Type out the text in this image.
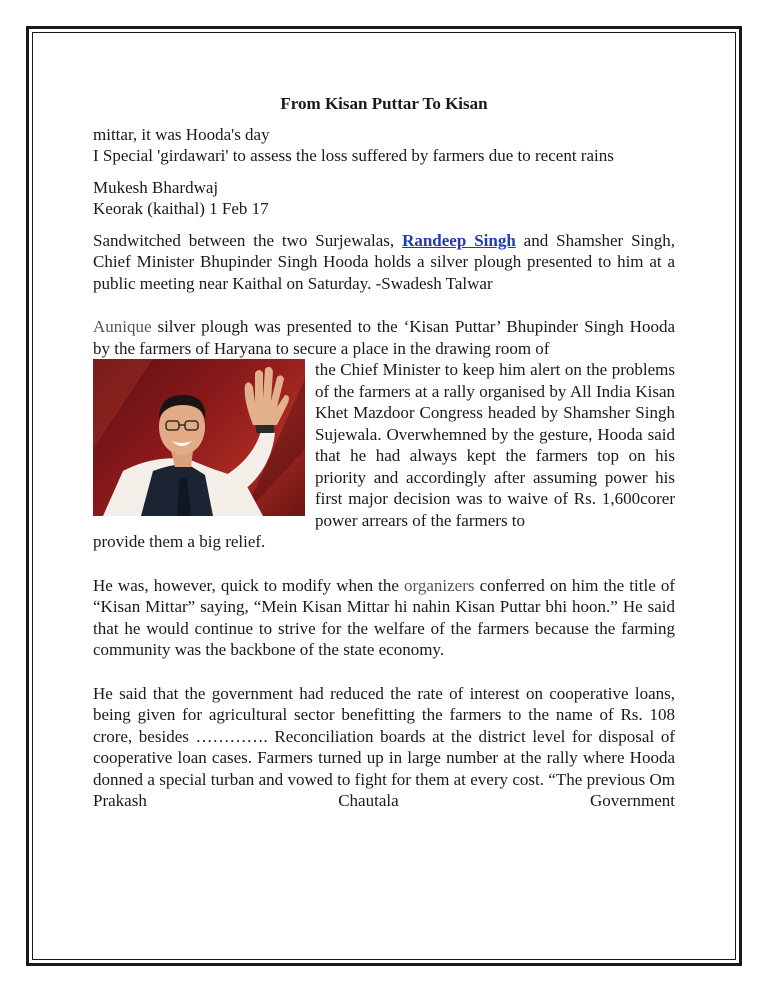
From Kisan Puttar To Kisan
mittar, it was Hooda's day
I Special 'girdawari' to assess the loss suffered by farmers due to recent rains
Mukesh Bhardwaj
Keorak (kaithal) 1 Feb 17
Sandwitched between the two Surjewalas, Randeep Singh and Shamsher Singh, Chief Minister Bhupinder Singh Hooda holds a silver plough presented to him at a public meeting near Kaithal on Saturday. -Swadesh Talwar
Aunique silver plough was presented to the ‘Kisan Puttar’ Bhupinder Singh Hooda by the farmers of Haryana to secure a place in the drawing room of
the Chief Minister to keep him alert on the problems of the farmers at a rally organised by All India Kisan Khet Mazdoor Congress headed by Shamsher Singh Sujewala. Overwhemned by the gesture, Hooda said that he had always kept the farmers top on his priority and accordingly after assuming power his first major decision was to waive of Rs. 1,600corer power arrears of the farmers to
provide them a big relief.
He was, however, quick to modify when the organizers conferred on him the title of “Kisan Mittar” saying, “Mein Kisan Mittar hi nahin Kisan Puttar bhi hoon.” He said that he would continue to strive for the welfare of the farmers because the farming community was the backbone of the state economy.
He said that the government had reduced the rate of interest on cooperative loans, being given for agricultural sector benefitting the farmers to the name of Rs. 108 crore, besides …………. Reconciliation boards at the district level for disposal of cooperative loan cases. Farmers turned up in large number at the rally where Hooda donned a special turban and vowed to fight for them at every cost. “The previous Om Prakash Chautala Government
